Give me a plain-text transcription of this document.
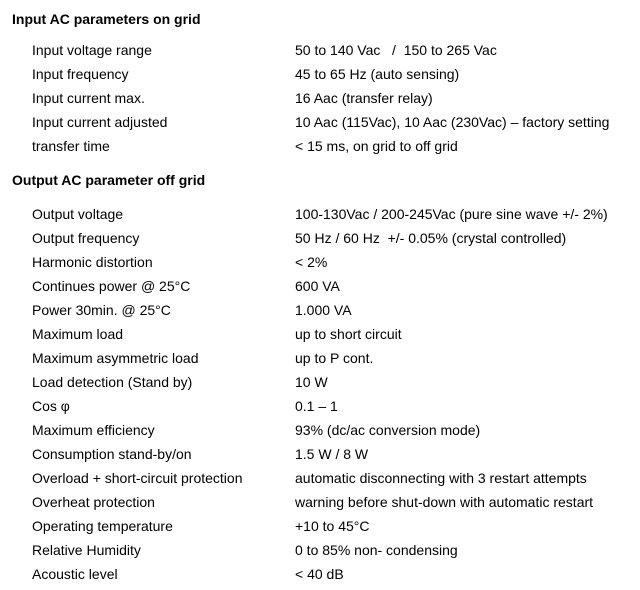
Input AC parameters on grid
Input voltage range	50 to 140 Vac   /  150 to 265 Vac
Input frequency	45 to 65 Hz (auto sensing)
Input current max.	16 Aac (transfer relay)
Input current adjusted	10 Aac (115Vac), 10 Aac (230Vac) – factory setting
transfer time	< 15 ms, on grid to off grid
Output AC parameter off grid
Output voltage	100-130Vac / 200-245Vac (pure sine wave +/- 2%)
Output frequency	50 Hz / 60 Hz  +/- 0.05% (crystal controlled)
Harmonic distortion	< 2%
Continues power @ 25°C	600 VA
Power 30min. @ 25°C	1.000 VA
Maximum load	up to short circuit
Maximum asymmetric load	up to P cont.
Load detection (Stand by)	10 W
Cos φ	0.1 – 1
Maximum efficiency	93% (dc/ac conversion mode)
Consumption stand-by/on	1.5 W / 8 W
Overload + short-circuit protection	automatic disconnecting with 3 restart attempts
Overheat protection	warning before shut-down with automatic restart
Operating temperature	+10 to 45°C
Relative Humidity	0 to 85% non- condensing
Acoustic level	< 40 dB
